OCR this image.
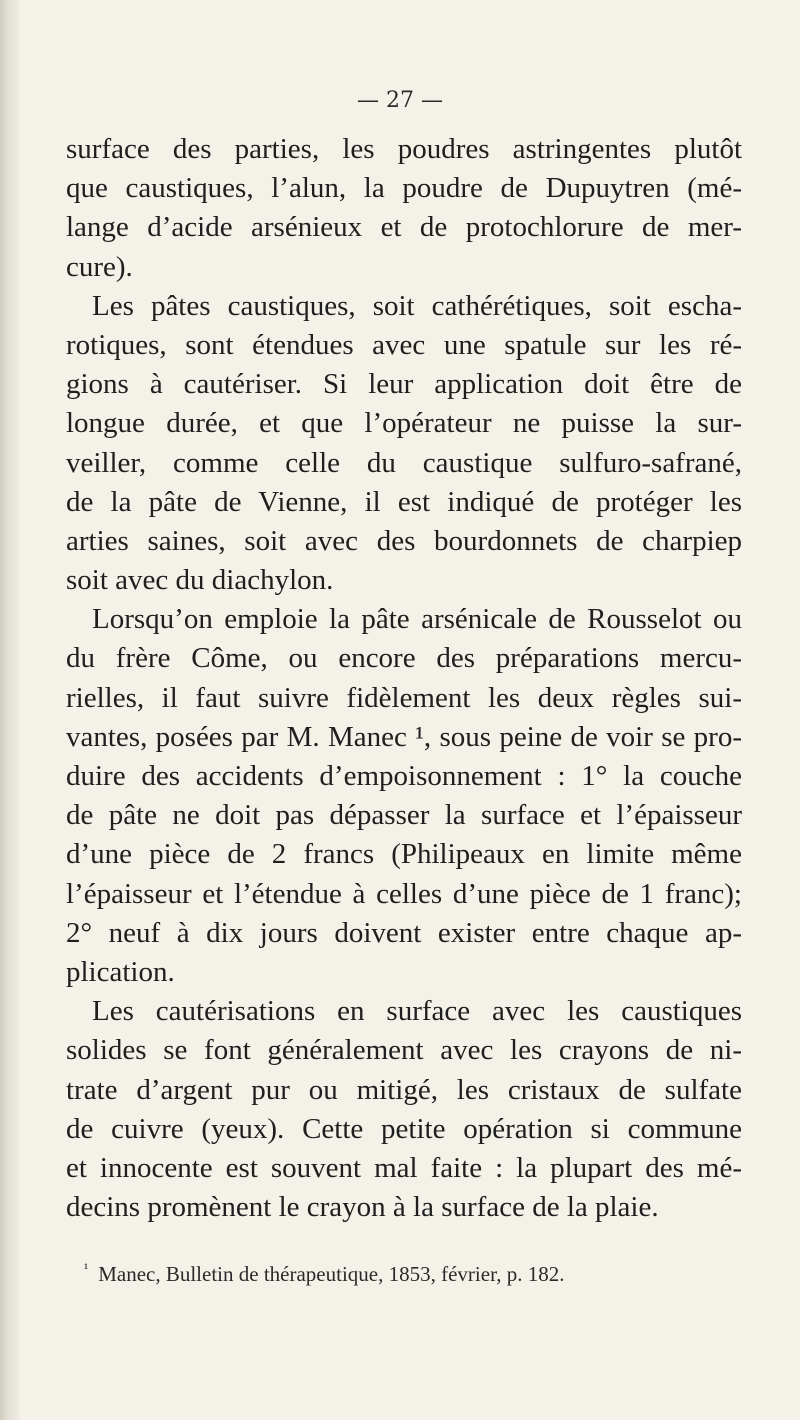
— 27 —
surface des parties, les poudres astringentes plutôt
que caustiques, l’alun, la poudre de Dupuytren (mé-
lange d’acide arsénieux et de protochlorure de mer-
cure).
Les pâtes caustiques, soit cathérétiques, soit escha-
rotiques, sont étendues avec une spatule sur les ré-
gions à cautériser. Si leur application doit être de
longue durée, et que l’opérateur ne puisse la sur-
veiller, comme celle du caustique sulfuro-safrané,
de la pâte de Vienne, il est indiqué de protéger les
arties saines, soit avec des bourdonnets de charpiep
soit avec du diachylon.
Lorsqu’on emploie la pâte arsénicale de Rousselot ou
du frère Côme, ou encore des préparations mercu-
rielles, il faut suivre fidèlement les deux règles sui-
vantes, posées par M. Manec ¹, sous peine de voir se pro-
duire des accidents d’empoisonnement : 1° la couche
de pâte ne doit pas dépasser la surface et l’épaisseur
d’une pièce de 2 francs (Philipeaux en limite même
l’épaisseur et l’étendue à celles d’une pièce de 1 franc);
2° neuf à dix jours doivent exister entre chaque ap-
plication.
Les cautérisations en surface avec les caustiques
solides se font généralement avec les crayons de ni-
trate d’argent pur ou mitigé, les cristaux de sulfate
de cuivre (yeux). Cette petite opération si commune
et innocente est souvent mal faite : la plupart des mé-
decins promènent le crayon à la surface de la plaie.
$^{^1}$ Manec, Bulletin de thérapeutique, 1853, février, p. 182.
